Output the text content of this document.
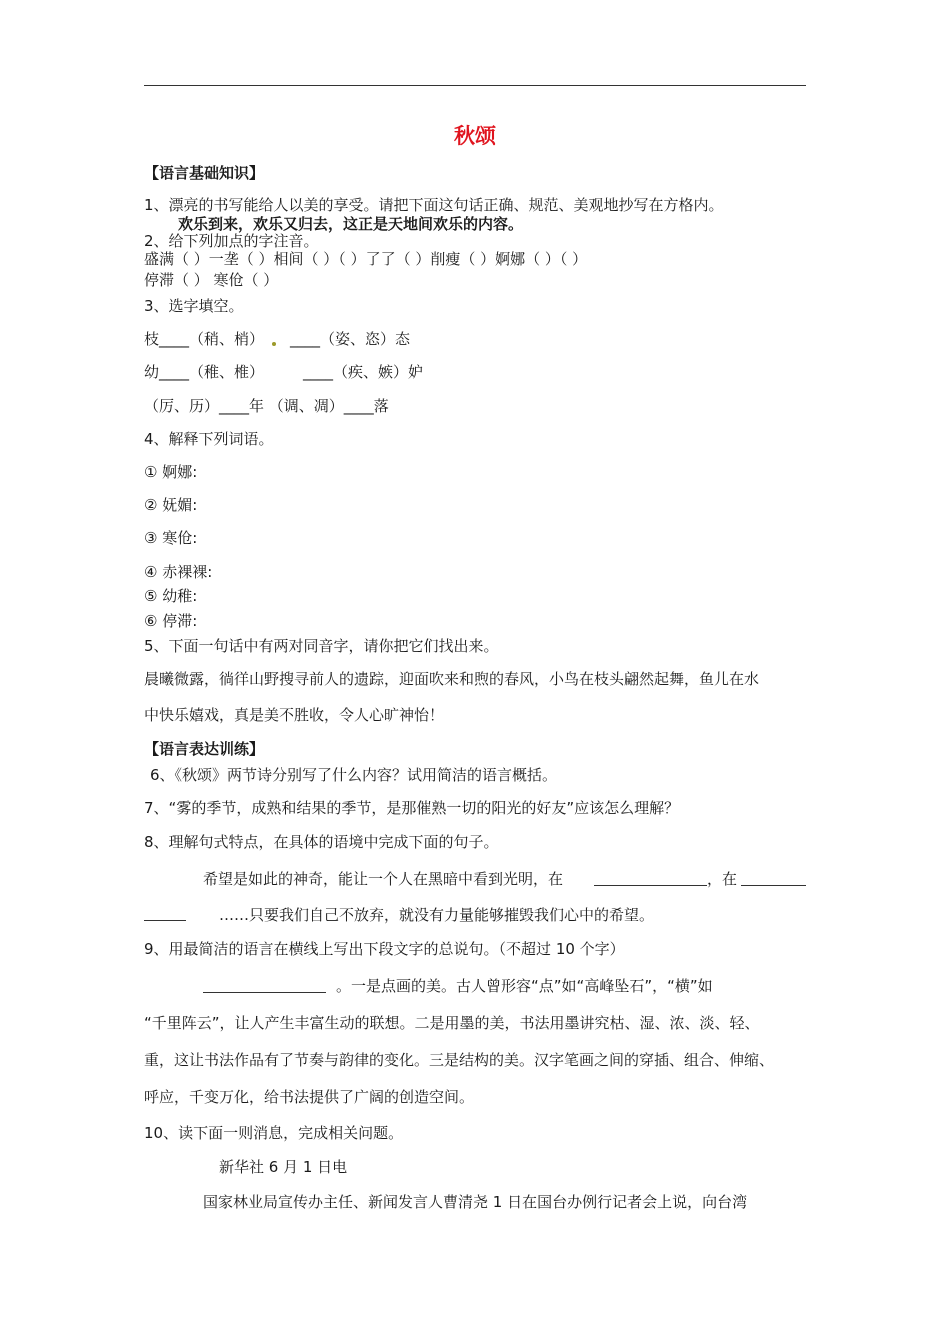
秋颂
【语言基础知识】
1、漂亮的书写能给人以美的享受。请把下面这句话正确、规范、美观地抄写在方格内。
欢乐到来，欢乐又归去，这正是天地间欢乐的内容。
2、给下列加点的字注音。
盛满（ ）一垄（ ）相间（ ）（ ）了了（ ）削瘦（ ）婀娜（ ）（ ）
停滞（ ） 寒伧（ ）
3、选字填空。
枝____（稍、梢） ____（姿、恣）态
幼____（稚、椎）	____（疾、嫉）妒
（厉、历）____年 （调、凋）____落
4、解释下列词语。
① 婀娜:
② 妩媚:
③ 寒伧:
④ 赤裸裸:
⑤ 幼稚:
⑥ 停滞:
5、下面一句话中有两对同音字，请你把它们找出来。
晨曦微露，徜徉山野搜寻前人的遗踪，迎面吹来和煦的春风，小鸟在枝头翩然起舞，鱼儿在水
中快乐嬉戏，真是美不胜收，令人心旷神怡！
【语言表达训练】
6、《秋颂》两节诗分别写了什么内容？试用简洁的语言概括。
7、“雾的季节，成熟和结果的季节，是那催熟一切的阳光的好友”应该怎么理解？
8、理解句式特点，在具体的语境中完成下面的句子。
希望是如此的神奇，能让一个人在黑暗中看到光明，在	，在
……只要我们自己不放弃，就没有力量能够摧毁我们心中的希望。
9、用最简洁的语言在横线上写出下段文字的总说句。（不超过 10 个字）
。一是点画的美。古人曾形容“点”如“高峰坠石”，“横”如
“千里阵云”，让人产生丰富生动的联想。二是用墨的美，书法用墨讲究枯、湿、浓、淡、轻、
重，这让书法作品有了节奏与韵律的变化。三是结构的美。汉字笔画之间的穿插、组合、伸缩、
呼应，千变万化，给书法提供了广阔的创造空间。
10、读下面一则消息，完成相关问题。
新华社 6 月 1 日电
国家林业局宣传办主任、新闻发言人曹清尧 1 日在国台办例行记者会上说，向台湾
